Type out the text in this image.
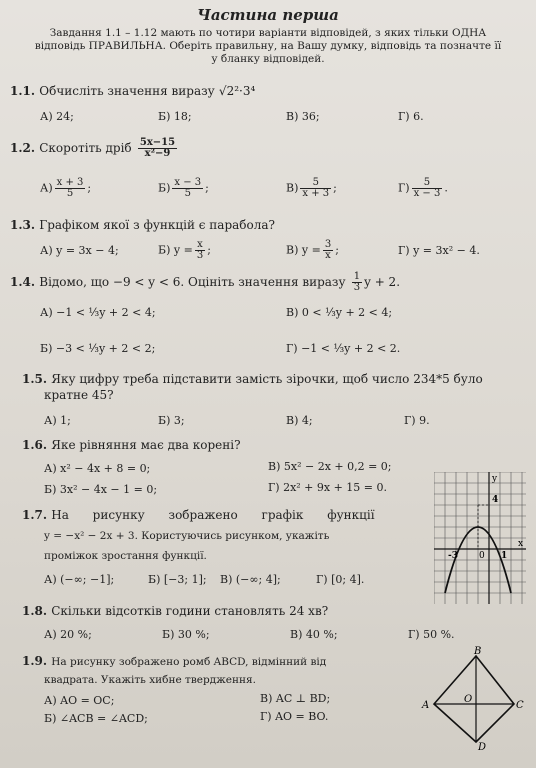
Частина перша
Завдання 1.1 – 1.12 мають по чотири варіанти відповідей, з яких тільки ОДНА
відповідь ПРАВИЛЬНА. Оберіть правильну, на Вашу думку, відповідь та позначте її
у бланку відповідей.
1.1. Обчисліть значення виразу √2²·3⁴
А) 24;	Б) 18;	В) 36;	Г) 6.
1.2. Скоротіть дріб $\frac{5x-15}{\text{x²−9}}$
$А) \frac{x + 3}{5}$ ;	$Б) \frac{x - 3}{5}$ ;	$В) \frac{5}{x + 3}$ ;	$Г) \frac{5}{x - 3}$ .
1.3. Графіком якої з функцій є парабола?
А) y = 3x − 4;	Б) $y = \frac{x}{3}$ ;	В) $y = \frac{3}{x}$ ;	Г) y = 3x² − 4.
1.4. Відомо, що −9 < y < 6. Оцініть значення виразу $\frac{1}{3}$ y + 2.
А) −1 < ⅓y + 2 < 4;	В) 0 < ⅓y + 2 < 4;
Б) −3 < ⅓y + 2 < 2;	Г) −1 < ⅓y + 2 < 2.
1.5. Яку цифру треба підставити замість зірочки, щоб число 234*5 було
кратне 45?
А) 1;	Б) 3;	В) 4;	Г) 9.
1.6. Яке рівняння має два корені?
А) x² − 4x + 8 = 0;	В) 5x² − 2x + 0,2 = 0;
Б) 3x² − 4x − 1 = 0;	Г) 2x² + 9x + 15 = 0.
1.7. На рисунку зображено графік функції
y = −x² − 2x + 3. Користуючись рисунком, укажіть
проміжок зростання функції.
А) (−∞; −1];	Б) [−3; 1]; В) (−∞; 4];	Г) [0; 4].
y
4
-3 0 1
x
1.8. Скільки відсотків години становлять 24 хв?
А) 20 %;	Б) 30 %;	В) 40 %;	Г) 50 %.
1.9. На рисунку зображено ромб ABCD, відмінний від
квадрата. Укажіть хибне твердження.
А) AO = OC;	В) AC ⊥ BD;
Б) ∠ACB = ∠ACD;	Г) AO = BO.
B
C
D
A
O
